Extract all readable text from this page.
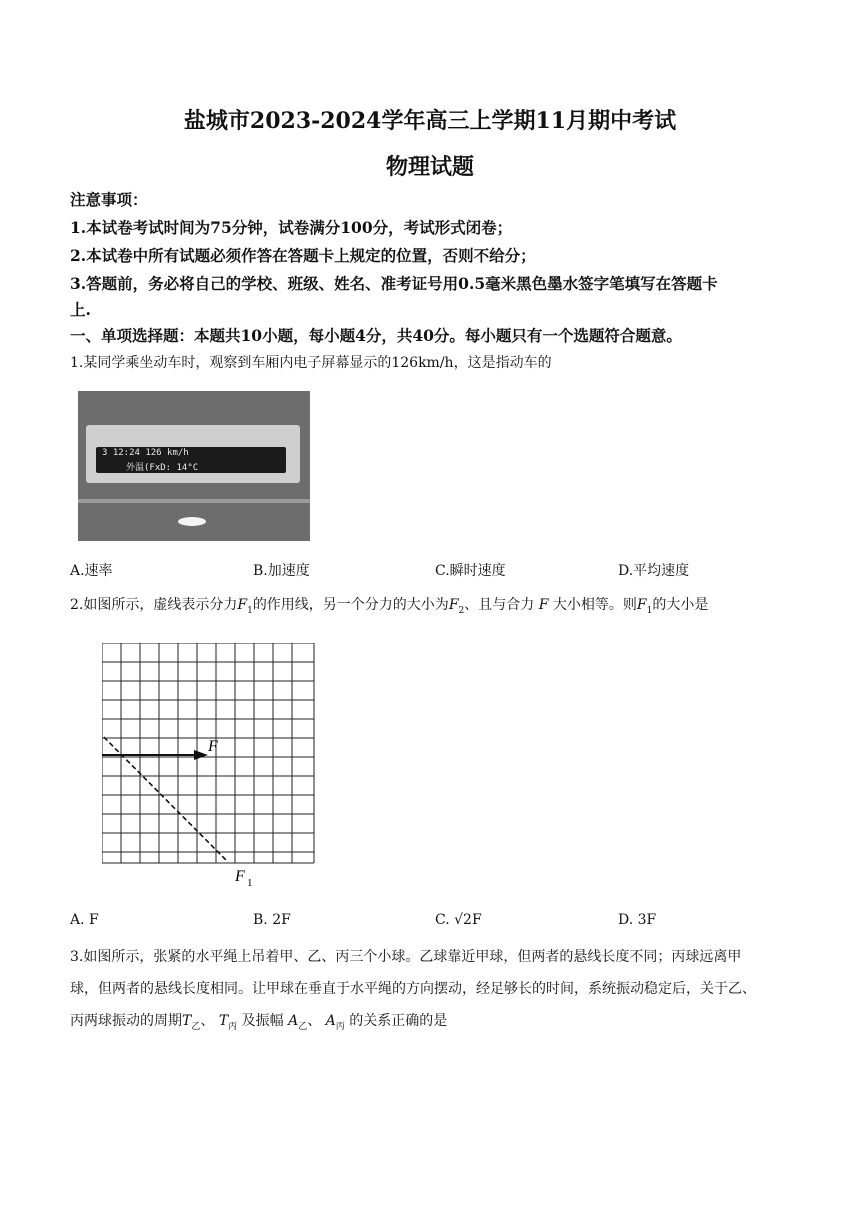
盐城市2023-2024学年高三上学期11月期中考试
物理试题
注意事项：
1.本试卷考试时间为75分钟，试卷满分100分，考试形式闭卷；
2.本试卷中所有试题必须作答在答题卡上规定的位置，否则不给分；
3.答题前，务必将自己的学校、班级、姓名、准考证号用0.5毫米黑色墨水签字笔填写在答题卡
上.
一、单项选择题：本题共10小题，每小题4分，共40分。每小题只有一个选题符合题意。
1.某同学乘坐动车时，观察到车厢内电子屏幕显示的126km/h，这是指动车的
3 12:24 126 km/h
外温(FxD: 14°C
A.速率	B.加速度	C.瞬时速度	D.平均速度
2.如图所示，虚线表示分力$F_1$的作用线，另一个分力的大小为$F_2$、且与合力 F 大小相等。则$F_1$的大小是
F
F 1
A. F	B. 2F	C. √2F	D. 3F
3.如图所示，张紧的水平绳上吊着甲、乙、丙三个小球。乙球靠近甲球，但两者的悬线长度不同；丙球远离甲
球，但两者的悬线长度相同。让甲球在垂直于水平绳的方向摆动，经足够长的时间，系统振动稳定后，关于乙、
丙两球振动的周期$T_乙$、 $T_丙$ 及振幅 $A_乙$、 $A_丙$ 的关系正确的是
